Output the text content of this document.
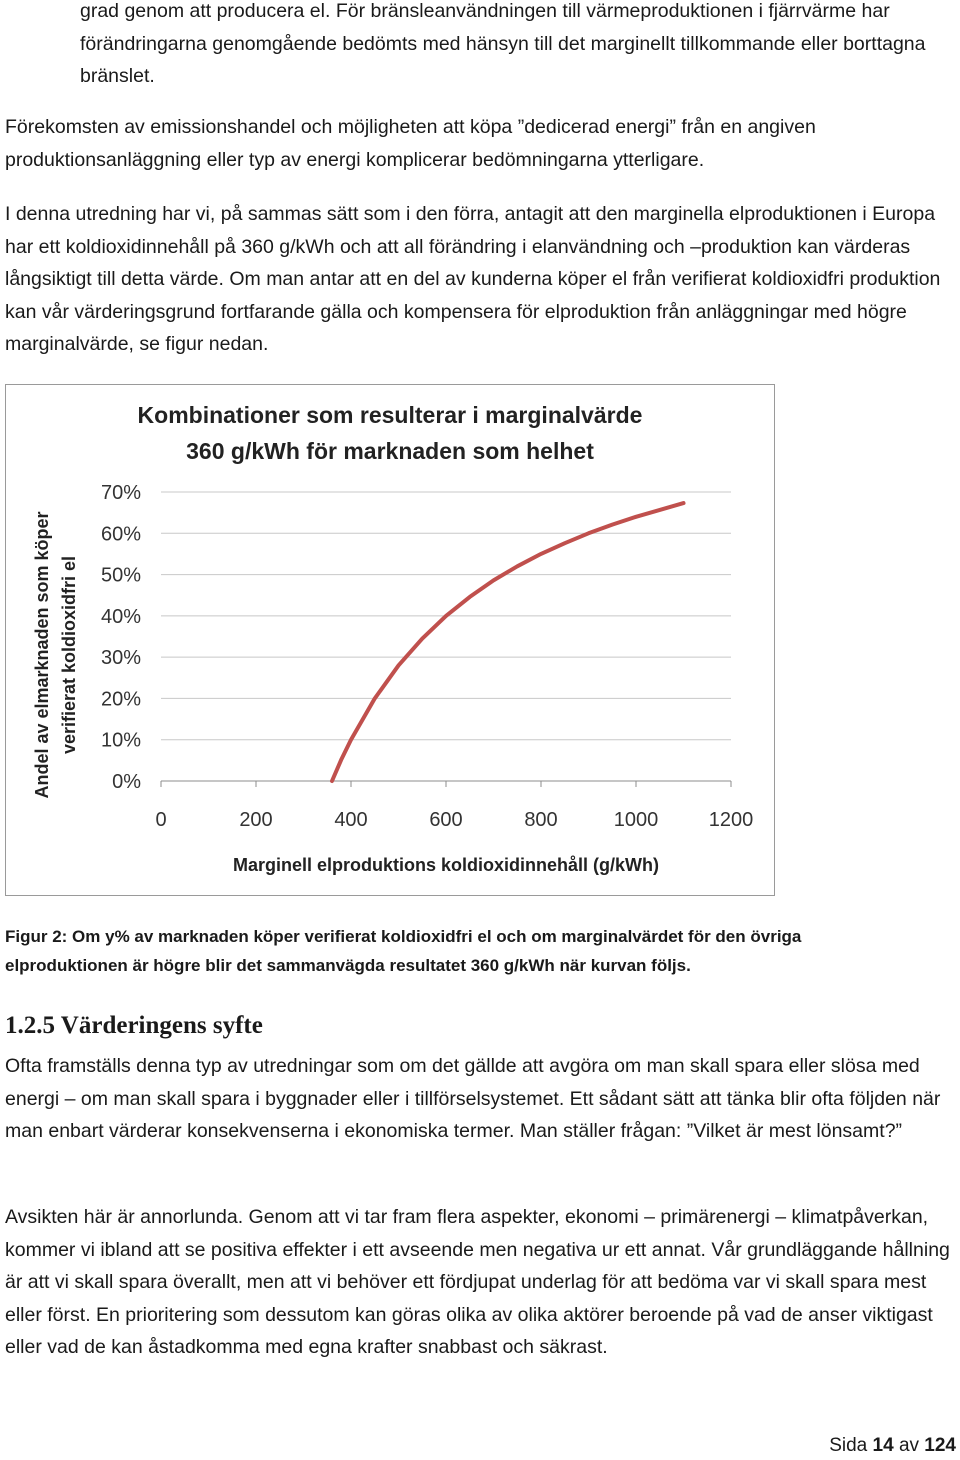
grad genom att producera el. För bränsleanvändningen till värmeproduktionen i fjärrvärme har förändringarna genomgående bedömts med hänsyn till det marginellt tillkommande eller borttagna bränslet.

Förekomsten av emissionshandel och möjligheten att köpa ”dedicerad energi” från en angiven produktionsanläggning eller typ av energi komplicerar bedömningarna ytterligare.

I denna utredning har vi, på sammas sätt som i den förra, antagit att den marginella elproduktionen i Europa har ett koldioxidinnehåll på 360 g/kWh och att all förändring i elanvändning och –produktion kan värderas långsiktigt till detta värde. Om man antar att en del av kunderna köper el från verifierat koldioxidfri produktion kan vår värderingsgrund fortfarande gälla och kompensera för elproduktion från anläggningar med högre marginalvärde, se figur nedan.

Kombinationer som resulterar i marginalvärde
360 g/kWh för marknaden som helhet
0%
10%
20%
30%
40%
50%
60%
70%
0	200	400	600	800	1000	1200
Andel av elmarknaden som köper verifierat koldioxidfri el
Marginell elproduktions koldioxidinnehåll (g/kWh)
Figur 2: Om y% av marknaden köper verifierat koldioxidfri el och om marginalvärdet för den övriga elproduktionen är högre blir det sammanvägda resultatet 360 g/kWh när kurvan följs.
1.2.5 Värderingens syfte

Ofta framställs denna typ av utredningar som om det gällde att avgöra om man skall spara eller slösa med energi – om man skall spara i byggnader eller i tillförselsystemet. Ett sådant sätt att tänka blir ofta följden när man enbart värderar konsekvenserna i ekonomiska termer. Man ställer frågan: ”Vilket är mest lönsamt?”

Avsikten här är annorlunda. Genom att vi tar fram flera aspekter, ekonomi – primärenergi – klimatpåverkan, kommer vi ibland att se positiva effekter i ett avseende men negativa ur ett annat. Vår grundläggande hållning är att vi skall spara överallt, men att vi behöver ett fördjupat underlag för att bedöma var vi skall spara mest eller först. En prioritering som dessutom kan göras olika av olika aktörer beroende på vad de anser viktigast eller vad de kan åstadkomma med egna krafter snabbast och säkrast.

Sida 14 av 124
